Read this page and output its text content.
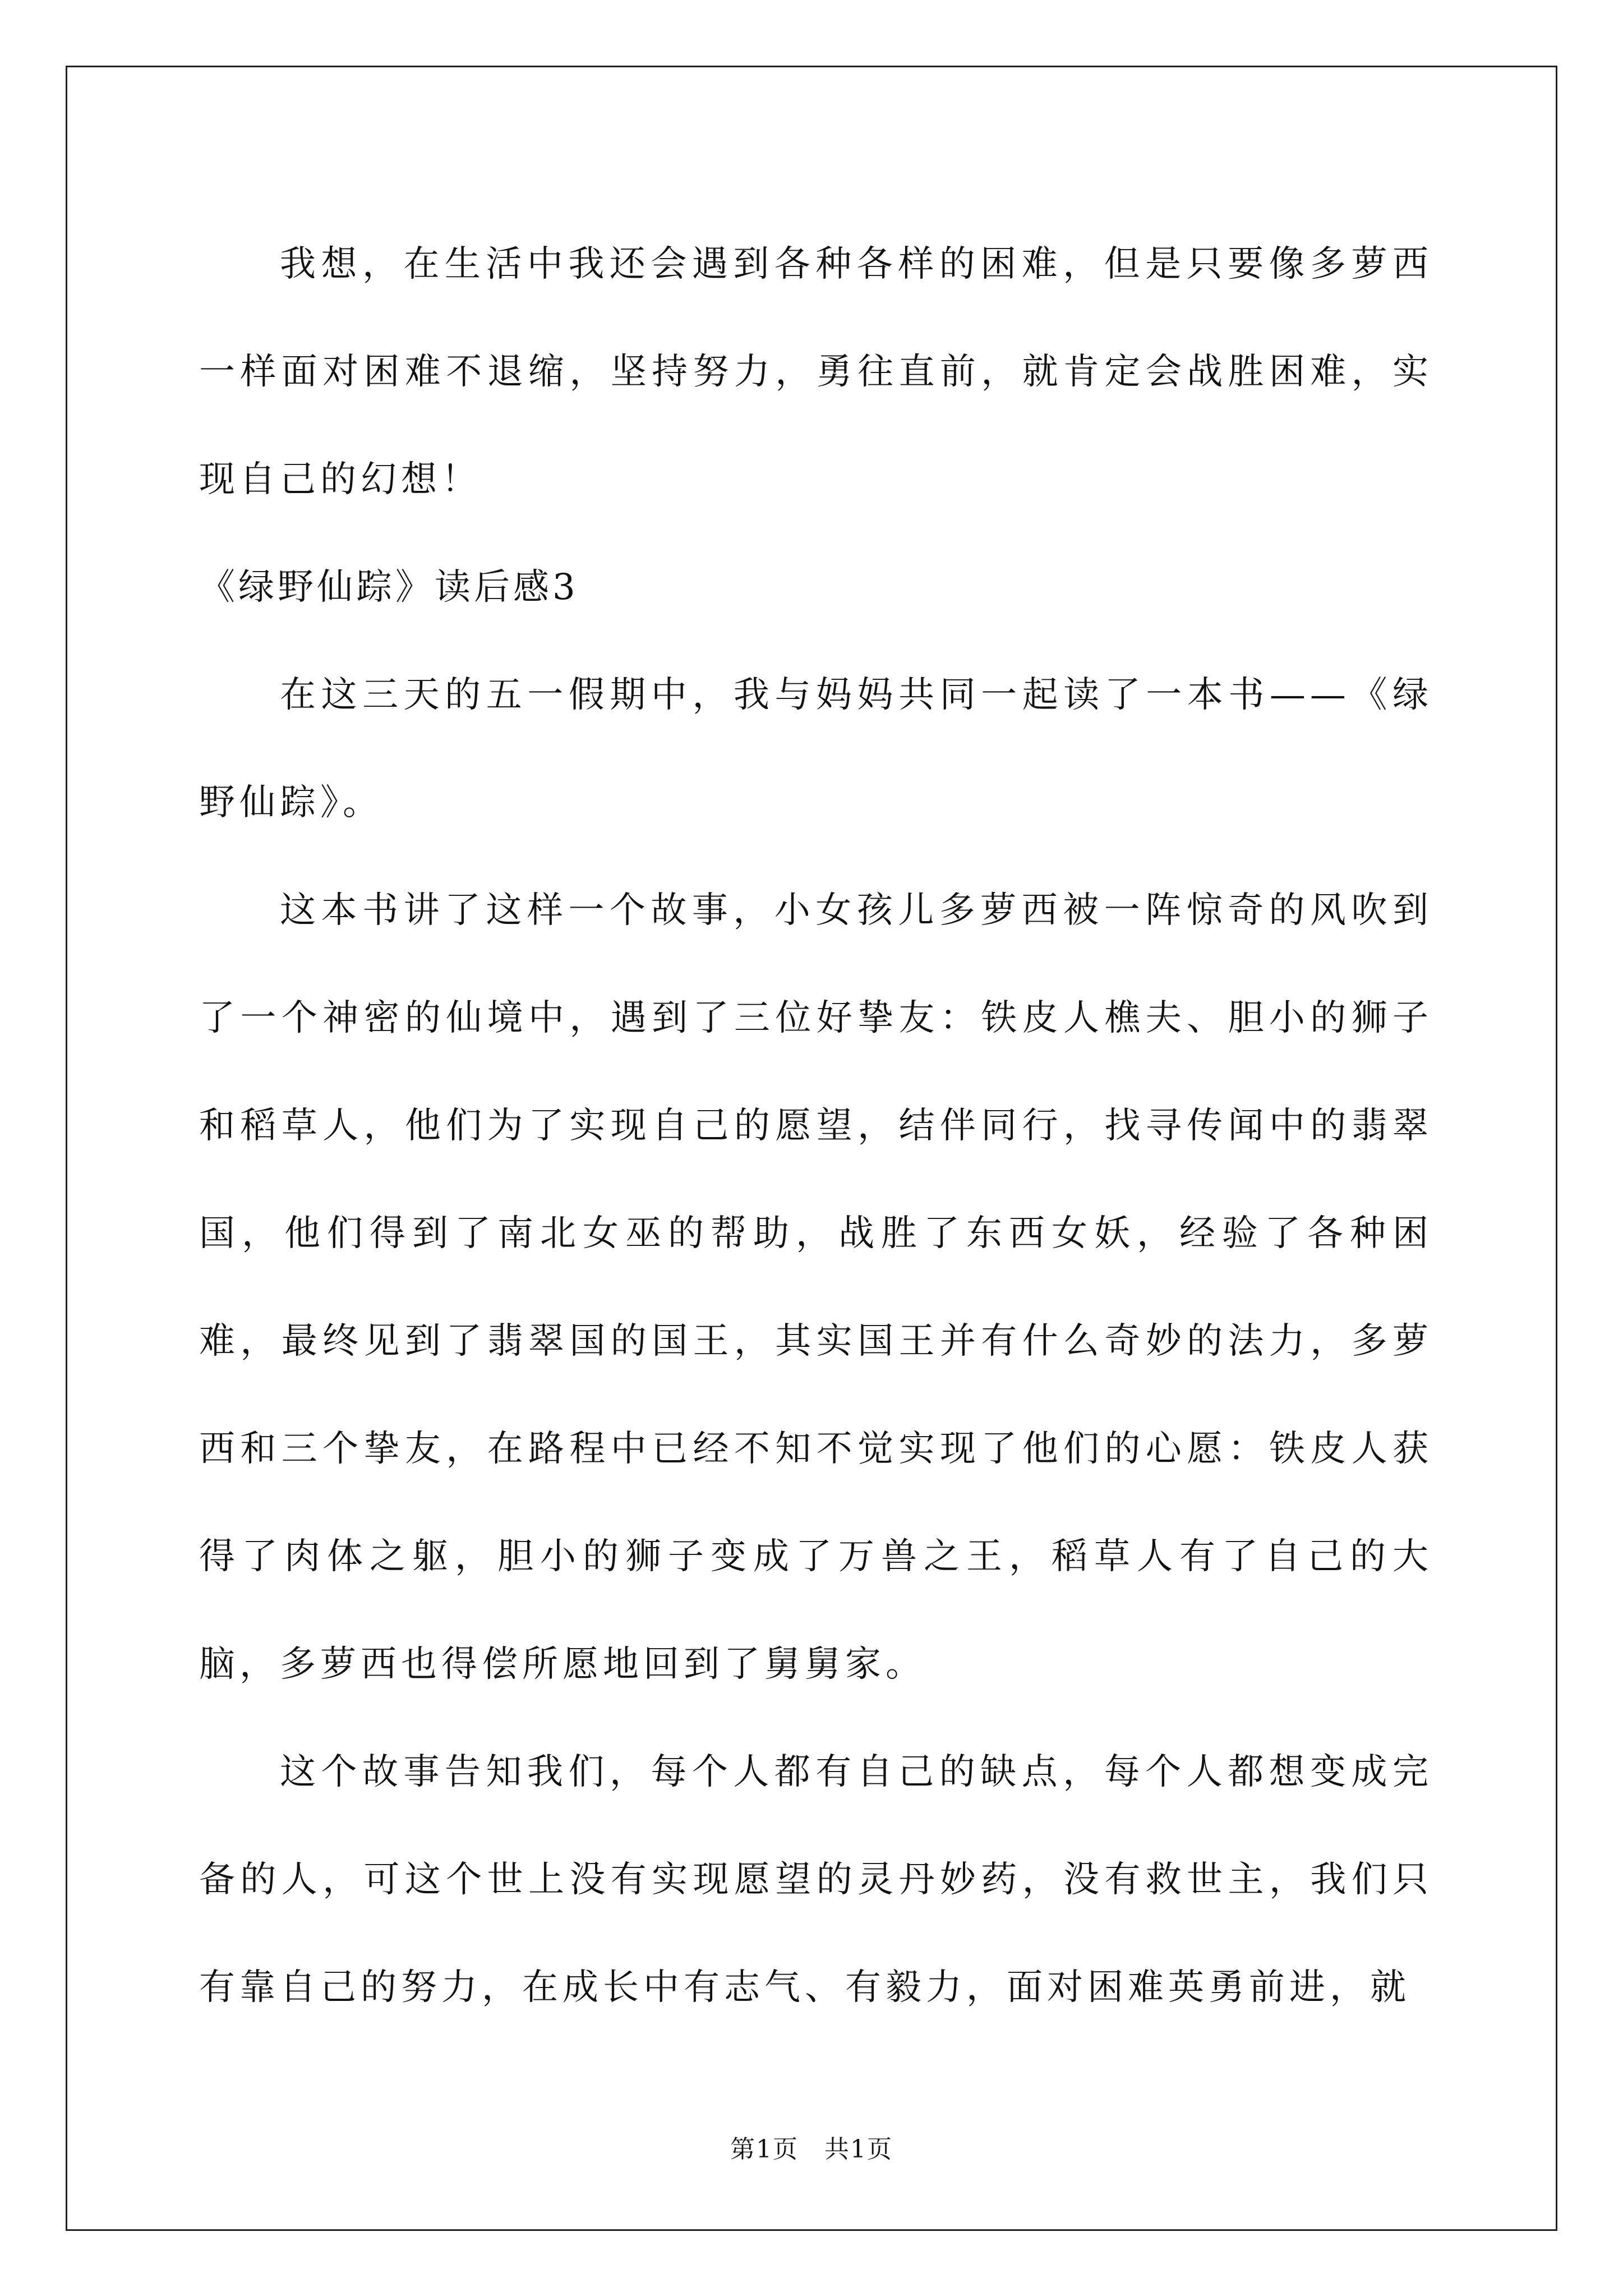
我想，在生活中我还会遇到各种各样的困难，但是只要像多萝西一样面对困难不退缩，坚持努力，勇往直前，就肯定会战胜困难，实现自己的幻想！

《绿野仙踪》读后感3

在这三天的五一假期中，我与妈妈共同一起读了一本书——《绿野仙踪》。

这本书讲了这样一个故事，小女孩儿多萝西被一阵惊奇的风吹到了一个神密的仙境中，遇到了三位好挚友：铁皮人樵夫、胆小的狮子和稻草人，他们为了实现自己的愿望，结伴同行，找寻传闻中的翡翠国，他们得到了南北女巫的帮助，战胜了东西女妖，经验了各种困难，最终见到了翡翠国的国王，其实国王并有什么奇妙的法力，多萝西和三个挚友，在路程中已经不知不觉实现了他们的心愿：铁皮人获得了肉体之躯，胆小的狮子变成了万兽之王，稻草人有了自己的大脑，多萝西也得偿所愿地回到了舅舅家。

这个故事告知我们，每个人都有自己的缺点，每个人都想变成完备的人，可这个世上没有实现愿望的灵丹妙药，没有救世主，我们只有靠自己的努力，在成长中有志气、有毅力，面对困难英勇前进，就

第1页　共1页
